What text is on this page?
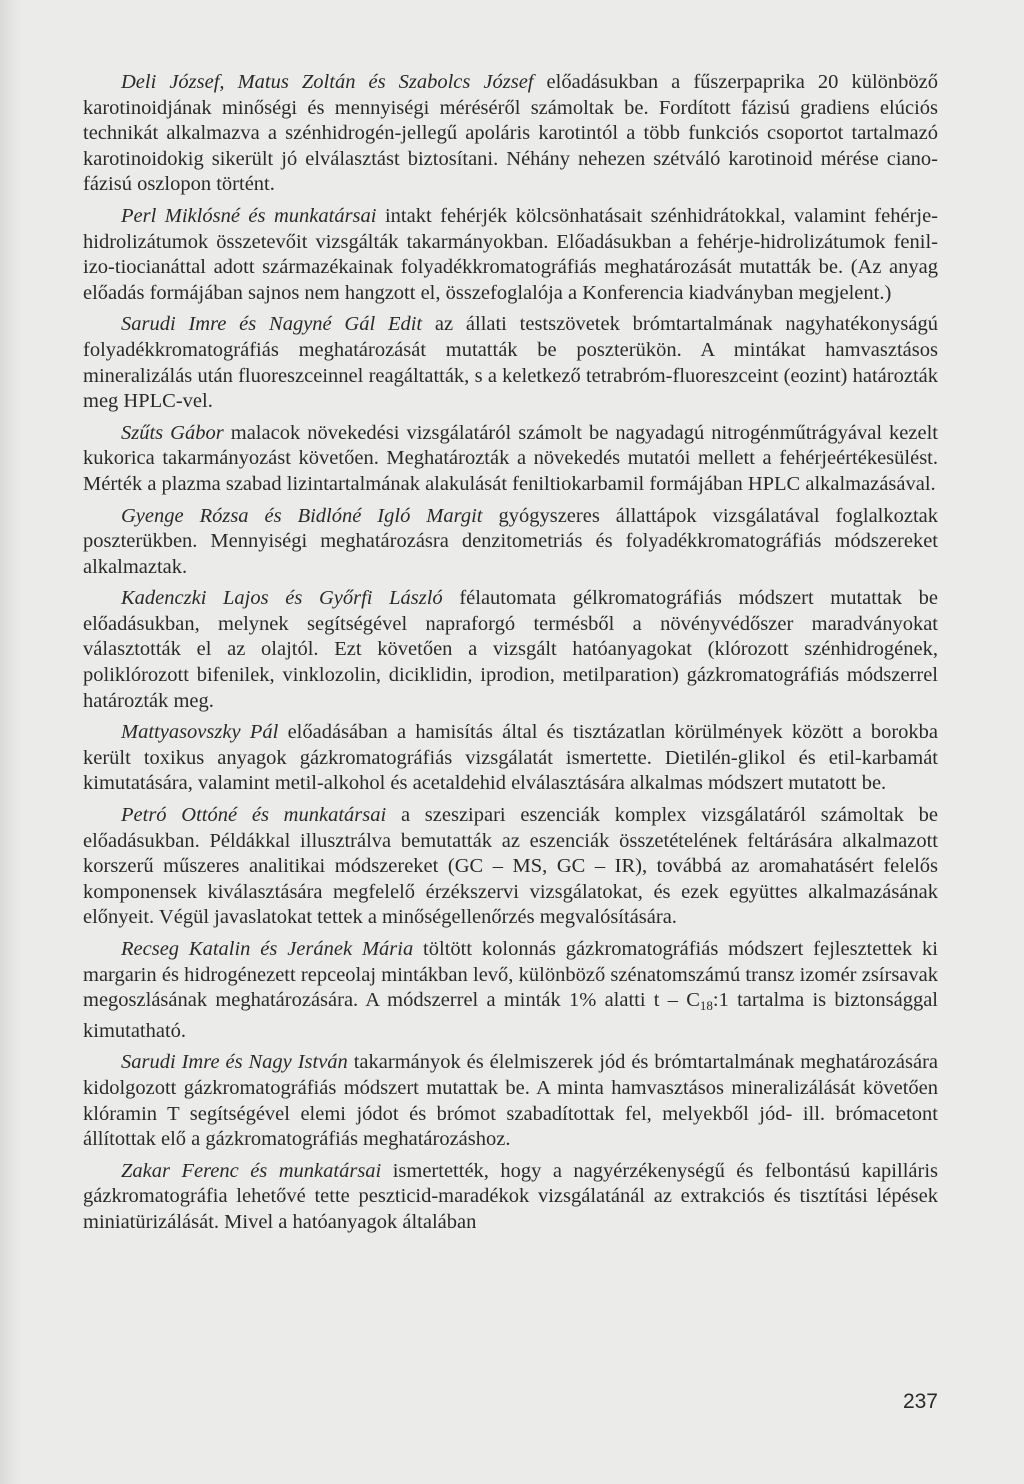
Deli József, Matus Zoltán és Szabolcs József előadásukban a fűszerpaprika 20 különböző karotinoidjának minőségi és mennyiségi méréséről számoltak be. Fordított fázisú gradiens elúciós technikát alkalmazva a szénhidrogén-jellegű apoláris karotintól a több funkciós csoportot tartalmazó karotinoidokig sikerült jó elválasztást biztosítani. Néhány nehezen szétváló karotinoid mérése ciano-fázisú oszlopon történt.

Perl Miklósné és munkatársai intakt fehérjék kölcsönhatásait szénhidrátokkal, valamint fehérje-hidrolizátumok összetevőit vizsgálták takarmányokban. Előadásukban a fehérje-hidrolizátumok fenil-izo-tiocianáttal adott származékainak folyadékkromatográfiás meghatározását mutatták be. (Az anyag előadás formájában sajnos nem hangzott el, összefoglalója a Konferencia kiadványban megjelent.)

Sarudi Imre és Nagyné Gál Edit az állati testszövetek brómtartalmának nagyhatékonyságú folyadékkromatográfiás meghatározását mutatták be poszterükön. A mintákat hamvasztásos mineralizálás után fluoreszceinnel reagáltatták, s a keletkező tetrabróm-fluoreszceint (eozint) határozták meg HPLC-vel.

Szűts Gábor malacok növekedési vizsgálatáról számolt be nagyadagú nitrogénműtrágyával kezelt kukorica takarmányozást követően. Meghatározták a növekedés mutatói mellett a fehérjeértékesülést. Mérték a plazma szabad lizintartalmának alakulását feniltiokarbamil formájában HPLC alkalmazásával.

Gyenge Rózsa és Bidlóné Igló Margit gyógyszeres állattápok vizsgálatával foglalkoztak poszterükben. Mennyiségi meghatározásra denzitometriás és folyadékkromatográfiás módszereket alkalmaztak.

Kadenczki Lajos és Győrfi László félautomata gélkromatográfiás módszert mutattak be előadásukban, melynek segítségével napraforgó termésből a növényvédőszer maradványokat választották el az olajtól. Ezt követően a vizsgált hatóanyagokat (klórozott szénhidrogének, poliklórozott bifenilek, vinklozolin, diciklidin, iprodion, metilparation) gázkromatográfiás módszerrel határozták meg.

Mattyasovszky Pál előadásában a hamisítás által és tisztázatlan körülmények között a borokba került toxikus anyagok gázkromatográfiás vizsgálatát ismertette. Dietilén-glikol és etil-karbamát kimutatására, valamint metil-alkohol és acetaldehid elválasztására alkalmas módszert mutatott be.

Petró Ottóné és munkatársai a szeszipari eszenciák komplex vizsgálatáról számoltak be előadásukban. Példákkal illusztrálva bemutatták az eszenciák összetételének feltárására alkalmazott korszerű műszeres analitikai módszereket (GC – MS, GC – IR), továbbá az aromahatásért felelős komponensek kiválasztására megfelelő érzékszervi vizsgálatokat, és ezek együttes alkalmazásának előnyeit. Végül javaslatokat tettek a minőségellenőrzés megvalósítására.

Recseg Katalin és Jeránek Mária töltött kolonnás gázkromatográfiás módszert fejlesztettek ki margarin és hidrogénezett repceolaj mintákban levő, különböző szénatomszámú transz izomér zsírsavak megoszlásának meghatározására. A módszerrel a minták 1% alatti t – $C_{18}:1$ tartalma is biztonsággal kimutatható.

Sarudi Imre és Nagy István takarmányok és élelmiszerek jód és brómtartalmának meghatározására kidolgozott gázkromatográfiás módszert mutattak be. A minta hamvasztásos mineralizálását követően klóramin T segítségével elemi jódot és brómot szabadítottak fel, melyekből jód- ill. brómacetont állítottak elő a gázkromatográfiás meghatározáshoz.

Zakar Ferenc és munkatársai ismertették, hogy a nagyérzékenységű és felbontású kapilláris gázkromatográfia lehetővé tette peszticid-maradékok vizsgálatánál az extrakciós és tisztítási lépések miniatürizálását. Mivel a hatóanyagok általában

237
